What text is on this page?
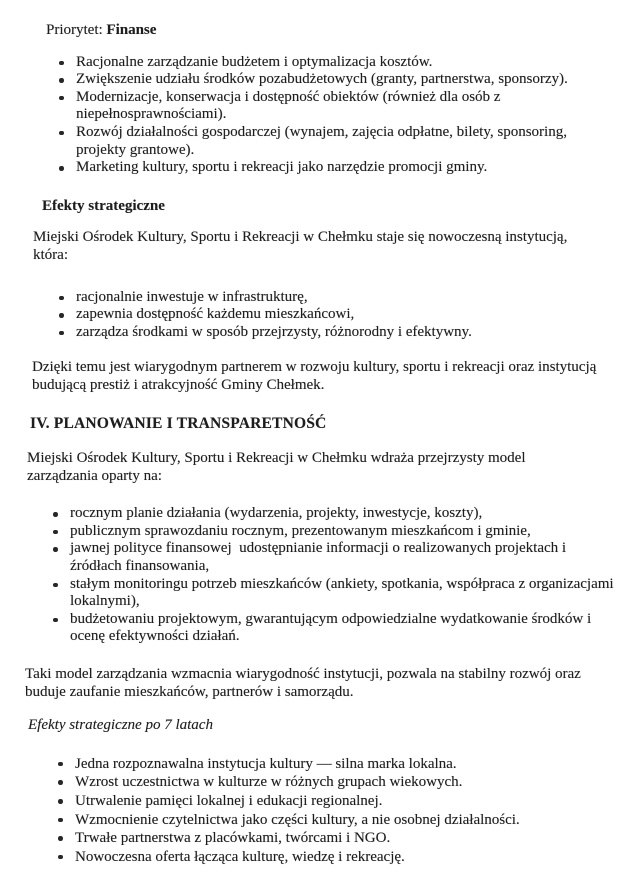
Priorytet: Finanse

Racjonalne zarządzanie budżetem i optymalizacja kosztów.
Zwiększenie udziału środków pozabudżetowych (granty, partnerstwa, sponsorzy).
Modernizacje, konserwacja i dostępność obiektów (również dla osób z niepełnosprawnościami).
Rozwój działalności gospodarczej (wynajem, zajęcia odpłatne, bilety, sponsoring, projekty grantowe).
Marketing kultury, sportu i rekreacji jako narzędzie promocji gminy.
Efekty strategiczne

Miejski Ośrodek Kultury, Sportu i Rekreacji w Chełmku staje się nowoczesną instytucją, która:

racjonalnie inwestuje w infrastrukturę,
zapewnia dostępność każdemu mieszkańcowi,
zarządza środkami w sposób przejrzysty, różnorodny i efektywny.

Dzięki temu jest wiarygodnym partnerem w rozwoju kultury, sportu i rekreacji oraz instytucją budującą prestiż i atrakcyjność Gminy Chełmek.

IV. PLANOWANIE I TRANSPARETNOŚĆ

Miejski Ośrodek Kultury, Sportu i Rekreacji w Chełmku wdraża przejrzysty model zarządzania oparty na:

rocznym planie działania (wydarzenia, projekty, inwestycje, koszty),
publicznym sprawozdaniu rocznym, prezentowanym mieszkańcom i gminie,
jawnej polityce finansowej  udostępnianie informacji o realizowanych projektach i źródłach finansowania,
stałym monitoringu potrzeb mieszkańców (ankiety, spotkania, współpraca z organizacjami lokalnymi),
budżetowaniu projektowym, gwarantującym odpowiedzialne wydatkowanie środków i ocenę efektywności działań.

Taki model zarządzania wzmacnia wiarygodność instytucji, pozwala na stabilny rozwój oraz buduje zaufanie mieszkańców, partnerów i samorządu.

Efekty strategiczne po 7 latach
Jedna rozpoznawalna instytucja kultury — silna marka lokalna.
Wzrost uczestnictwa w kulturze w różnych grupach wiekowych.
Utrwalenie pamięci lokalnej i edukacji regionalnej.
Wzmocnienie czytelnictwa jako części kultury, a nie osobnej działalności.
Trwałe partnerstwa z placówkami, twórcami i NGO.
Nowoczesna oferta łącząca kulturę, wiedzę i rekreację.
